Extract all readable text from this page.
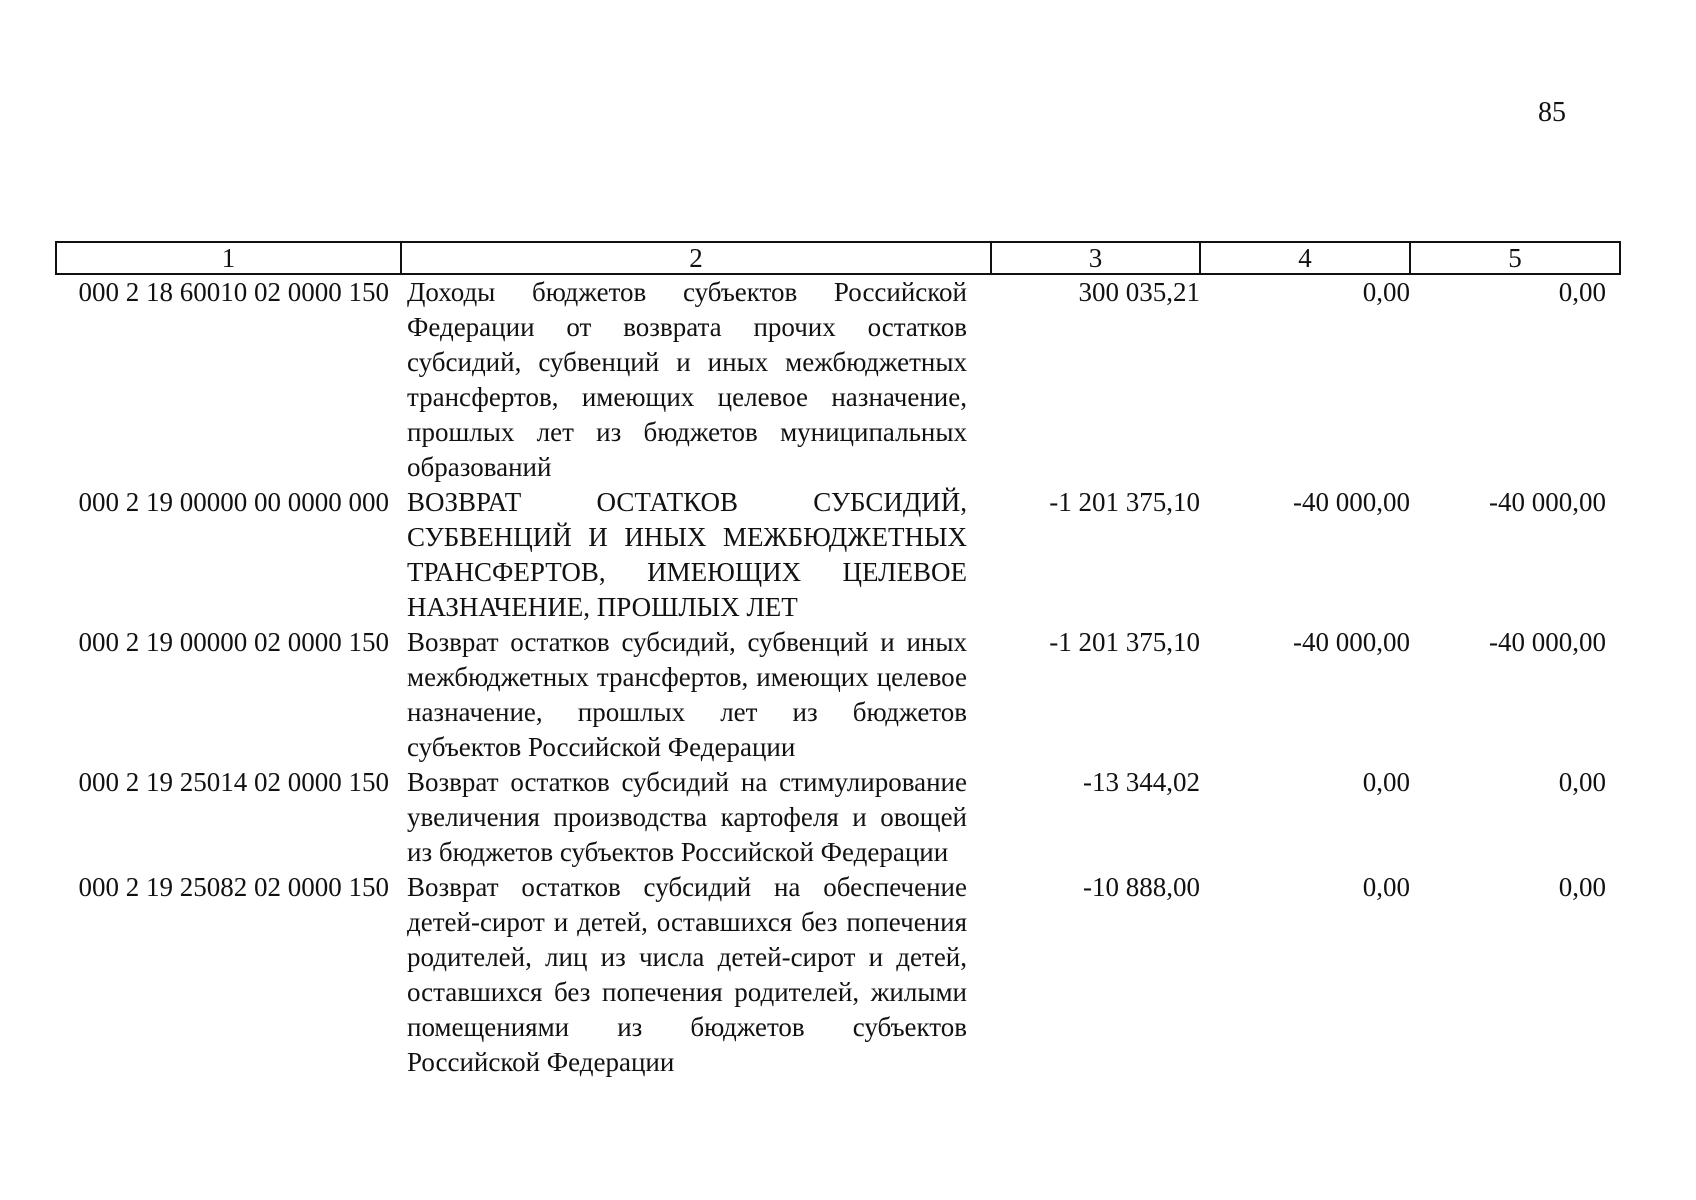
85
1	2	3	4	5
000 2 18 60010 02 0000 150	Доходы бюджетов субъектов Российской Федерации от возврата прочих остатков субсидий, субвенций и иных межбюджетных трансфертов, имеющих целевое назначение, прошлых лет из бюджетов муниципальных образований	300 035,21	0,00	0,00
000 2 19 00000 00 0000 000	ВОЗВРАТ ОСТАТКОВ СУБСИДИЙ, СУБВЕНЦИЙ И ИНЫХ МЕЖБЮДЖЕТНЫХ ТРАНСФЕРТОВ, ИМЕЮЩИХ ЦЕЛЕВОЕ НАЗНАЧЕНИЕ, ПРОШЛЫХ ЛЕТ	-1 201 375,10	-40 000,00	-40 000,00
000 2 19 00000 02 0000 150	Возврат остатков субсидий, субвенций и иных межбюджетных трансфертов, имеющих целевое назначение, прошлых лет из бюджетов субъектов Российской Федерации	-1 201 375,10	-40 000,00	-40 000,00
000 2 19 25014 02 0000 150	Возврат остатков субсидий на стимулирование увеличения производства картофеля и овощей из бюджетов субъектов Российской Федерации	-13 344,02	0,00	0,00
000 2 19 25082 02 0000 150	Возврат остатков субсидий на обеспечение детей-сирот и детей, оставшихся без попечения родителей, лиц из числа детей-сирот и детей, оставшихся без попечения родителей, жилыми помещениями из бюджетов субъектов Российской Федерации	-10 888,00	0,00	0,00
